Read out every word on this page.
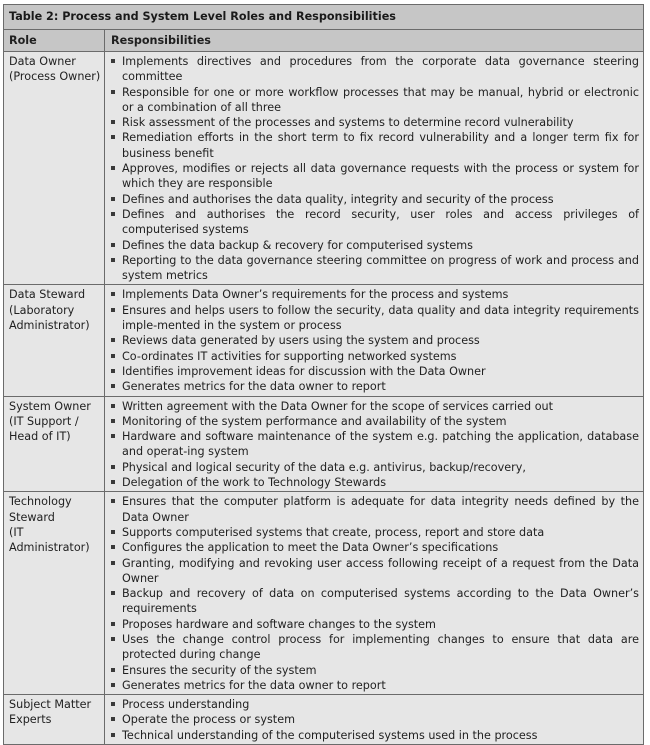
Table 2: Process and System Level Roles and Responsibilities
Role	Responsibilities
Data Owner
(Process Owner)
Implements directives and procedures from the corporate data governance steering committee
Responsible for one or more workflow processes that may be manual, hybrid or electronic or a combination of all three
Risk assessment of the processes and systems to determine record vulnerability
Remediation efforts in the short term to fix record vulnerability and a longer term fix for business benefit
Approves, modifies or rejects all data governance requests with the process or system for which they are responsible
Defines and authorises the data quality, integrity and security of the process
Defines and authorises the record security, user roles and access privileges of computerised systems
Defines the data backup & recovery for computerised systems
Reporting to the data governance steering committee on progress of work and process and system metrics
Data Steward
(Laboratory
Administrator)
Implements Data Owner’s requirements for the process and systems
Ensures and helps users to follow the security, data quality and data integrity requirements imple-mented in the system or process
Reviews data generated by users using the system and process
Co-ordinates IT activities for supporting networked systems
Identifies improvement ideas for discussion with the Data Owner
Generates metrics for the data owner to report
System Owner
(IT Support /
Head of IT)
Written agreement with the Data Owner for the scope of services carried out
Monitoring of the system performance and availability of the system
Hardware and software maintenance of the system e.g. patching the application, database and operat-ing system
Physical and logical security of the data e.g. antivirus, backup/recovery,
Delegation of the work to Technology Stewards
Technology
Steward
(IT Administrator)
Ensures that the computer platform is adequate for data integrity needs defined by the Data Owner
Supports computerised systems that create, process, report and store data
Configures the application to meet the Data Owner’s specifications
Granting, modifying and revoking user access following receipt of a request from the Data Owner
Backup and recovery of data on computerised systems according to the Data Owner’s requirements
Proposes hardware and software changes to the system
Uses the change control process for implementing changes to ensure that data are protected during change
Ensures the security of the system
Generates metrics for the data owner to report
Subject Matter
Experts
Process understanding
Operate the process or system
Technical understanding of the computerised systems used in the process
